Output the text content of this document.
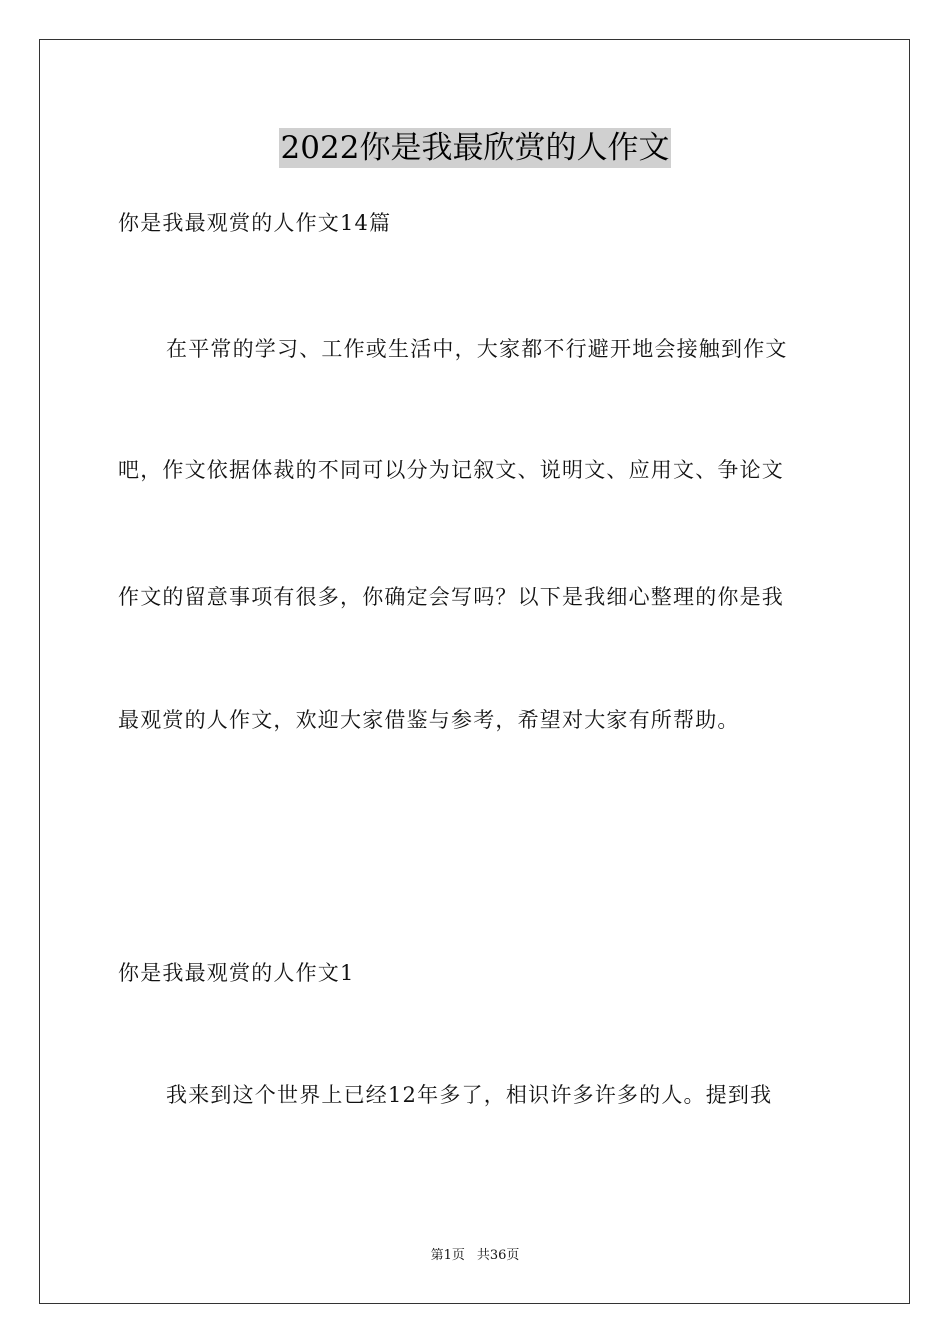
2022你是我最欣赏的人作文
你是我最观赏的人作文14篇
在平常的学习、工作或生活中，大家都不行避开地会接触到作文
吧，作文依据体裁的不同可以分为记叙文、说明文、应用文、争论文
作文的留意事项有很多，你确定会写吗？以下是我细心整理的你是我
最观赏的人作文，欢迎大家借鉴与参考，希望对大家有所帮助。
你是我最观赏的人作文1
我来到这个世界上已经12年多了，相识许多许多的人。提到我
第1页 共36页
